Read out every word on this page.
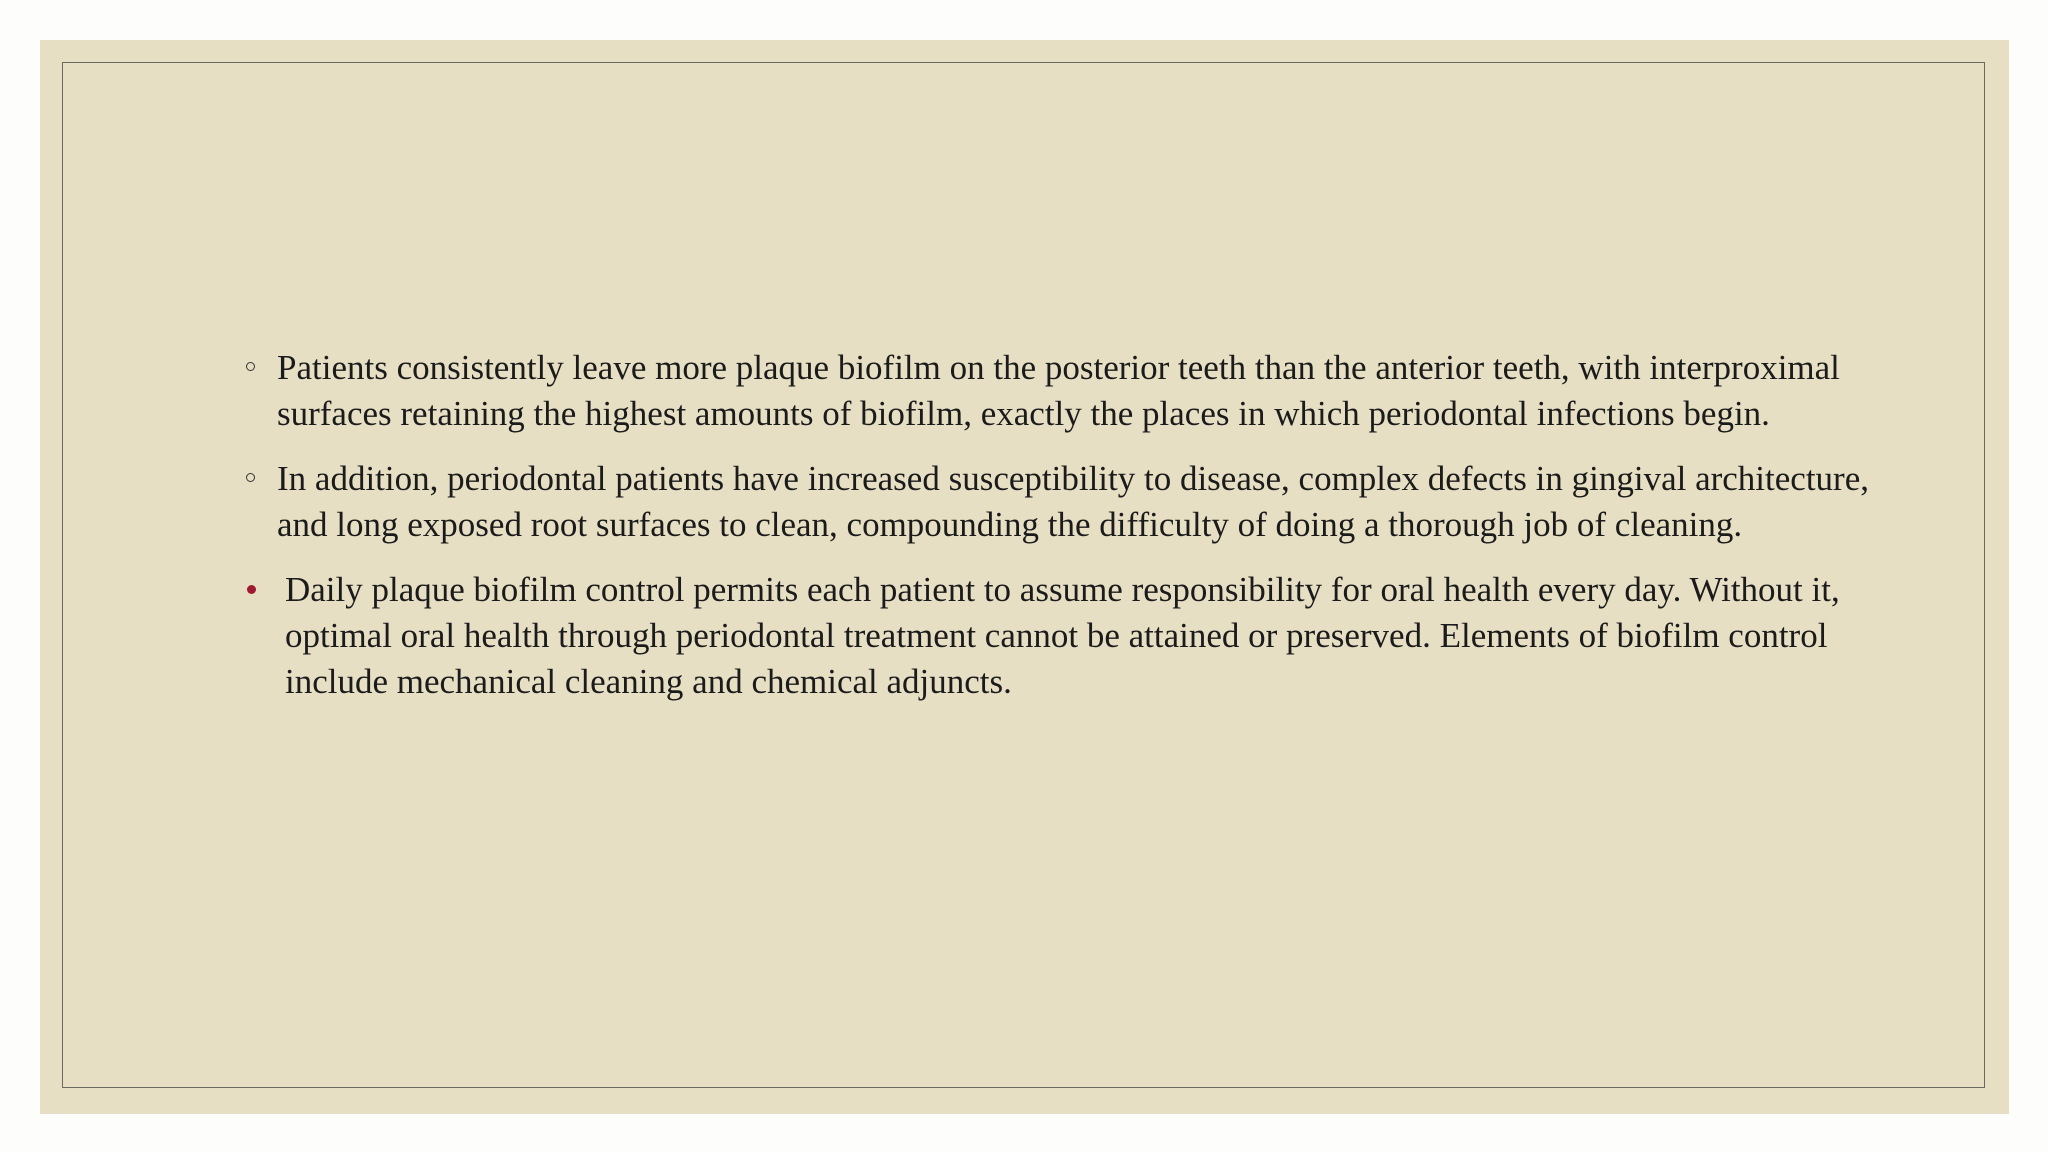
Patients consistently leave more plaque biofilm on the posterior teeth than the anterior teeth, with interproximal surfaces retaining the highest amounts of biofilm, exactly the places in which periodontal infections begin.
In addition, periodontal patients have increased susceptibility to disease, complex defects in gingival architecture, and long exposed root surfaces to clean, compounding the difficulty of doing a thorough job of cleaning.
Daily plaque biofilm control permits each patient to assume responsibility for oral health every day. Without it, optimal oral health through periodontal treatment cannot be attained or preserved. Elements of biofilm control include mechanical cleaning and chemical adjuncts.
